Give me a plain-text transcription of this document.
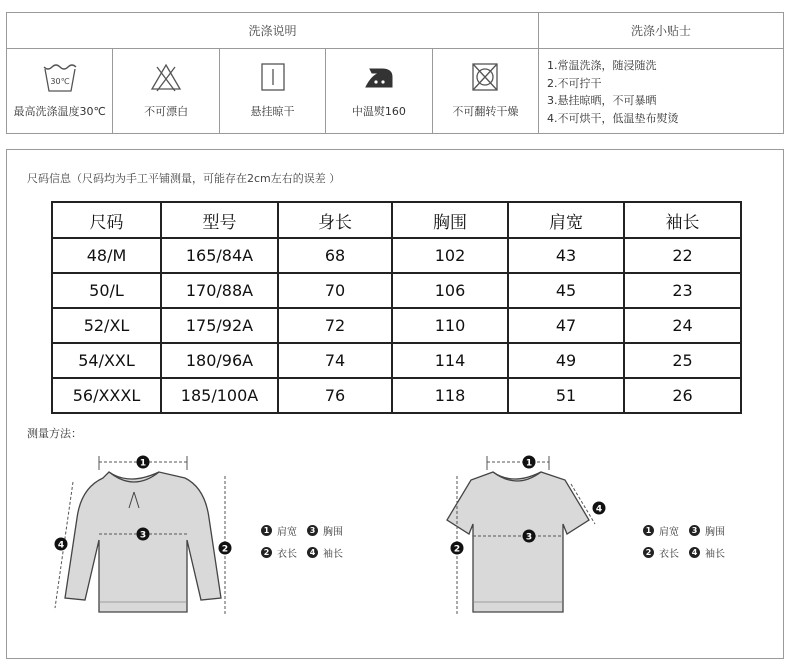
洗涤说明	洗涤小贴士
30℃
最高洗涤温度30℃	不可漂白	悬挂晾干	中温熨160	不可翻转干燥
1.常温洗涤，随浸随洗
2.不可拧干
3.悬挂晾晒，不可暴晒
4.不可烘干，低温垫布熨烫
尺码信息（尺码均为手工平铺测量，可能存在2cm左右的误差 ）
尺码	型号	身长	胸围	肩宽	袖长
48/M	165/84A	68	102	43	22
50/L	170/88A	70	106	45	23
52/XL	175/92A	72	110	47	24
54/XXL	180/96A	74	114	49	25
56/XXXL	185/100A	76	118	51	26
测量方法：
1
3
2
4
1 肩宽	3 胸围
2 衣长	4 袖长
1
3
2
4
1 肩宽	3 胸围
2 衣长	4 袖长
